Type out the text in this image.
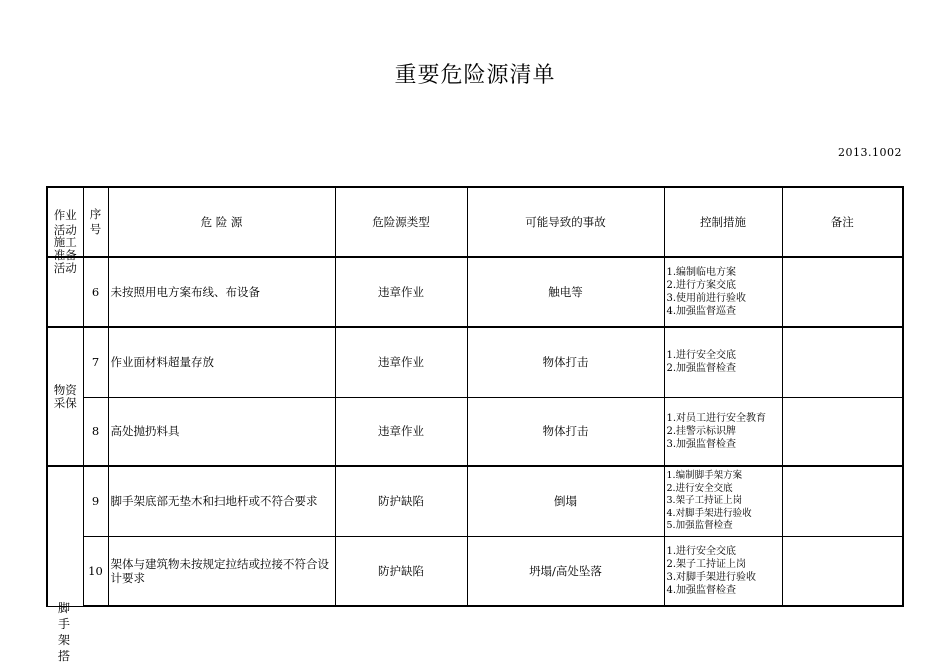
重要危险源清单
2013.1002
作业活动	序号	危 险 源	危险源类型	可能导致的事故	控制措施	备注

施工准备活动	6	未按照用电方案布线、布设备	违章作业	触电等	1.编制临电方案
2.进行方案交底
3.使用前进行验收
4.加强监督巡查	

物资采保	7	作业面材料超量存放	违章作业	物体打击	1.进行安全交底
2.加强监督检查	

	8	高处抛扔料具	违章作业	物体打击	1.对员工进行安全教育
2.挂警示标识牌
3.加强监督检查	

	9	脚手架底部无垫木和扫地杆或不符合要求	防护缺陷	倒塌	1.编制脚手架方案
2.进行安全交底
3.架子工持证上岗
4.对脚手架进行验收
5.加强监督检查	

	10	架体与建筑物未按规定拉结或拉接不符合设计要求	防护缺陷	坍塌/高处坠落	1.进行安全交底
2.架子工持证上岗
3.对脚手架进行验收
4.加强监督检查	

脚手架搭
